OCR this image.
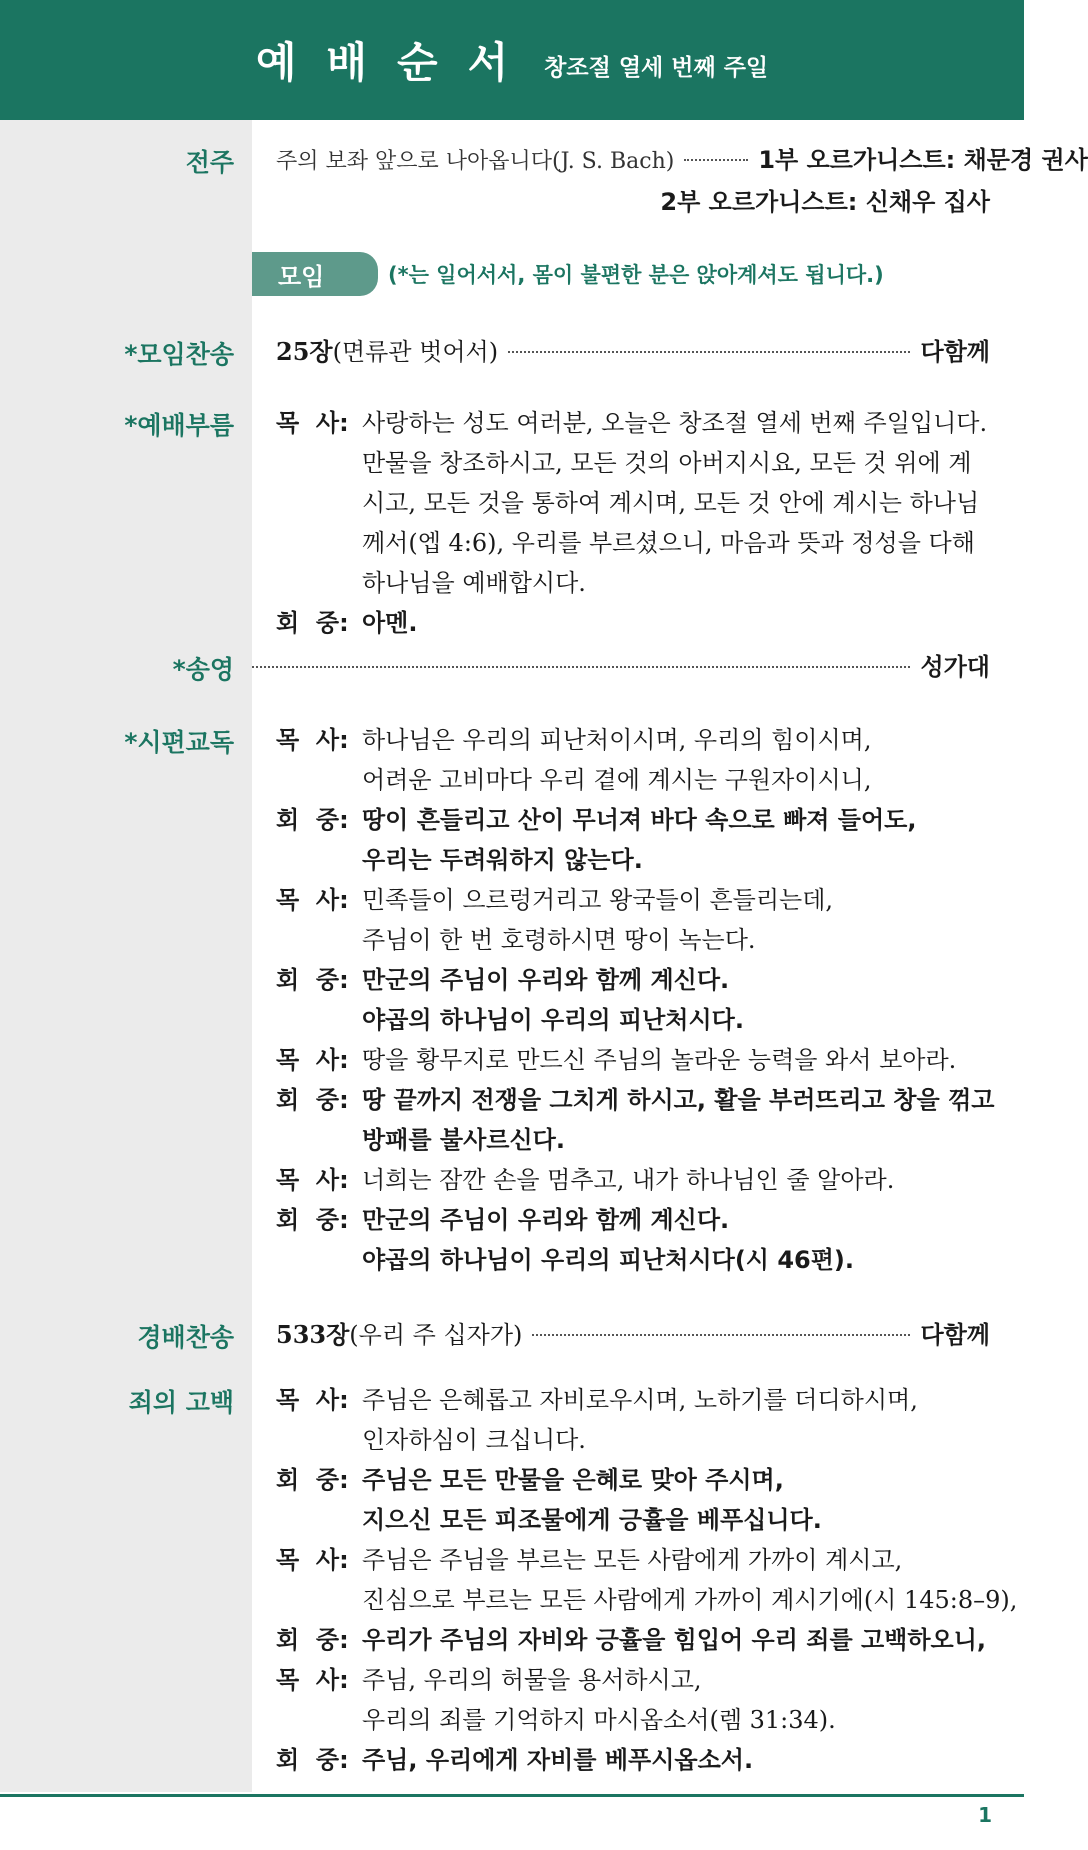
예배순서 창조절 열세 번째 주일
전주 주의 보좌 앞으로 나아옵니다(J. S. Bach)	1부 오르가니스트: 채문경 권사
2부 오르가니스트: 신채우 집사
모임	(*는 일어서서, 몸이 불편한 분은 앉아계셔도 됩니다.)
*모임찬송 25장 (면류관 벗어서)	다함께
*예배부름 목  사: 사랑하는 성도 여러분, 오늘은 창조절 열세 번째 주일입니다.
만물을 창조하시고, 모든 것의 아버지시요, 모든 것 위에 계
시고, 모든 것을 통하여 계시며, 모든 것 안에 계시는 하나님
께서(엡 4:6), 우리를 부르셨으니, 마음과 뜻과 정성을 다해
하나님을 예배합시다.
회  중: 아멘.
*송영	성가대
*시편교독 목  사: 하나님은 우리의 피난처이시며, 우리의 힘이시며,
어려운 고비마다 우리 곁에 계시는 구원자이시니,
회  중: 땅이 흔들리고 산이 무너져 바다 속으로 빠져 들어도,
우리는 두려워하지 않는다.
목  사: 민족들이 으르렁거리고 왕국들이 흔들리는데,
주님이 한 번 호령하시면 땅이 녹는다.
회  중: 만군의 주님이 우리와 함께 계신다.
야곱의 하나님이 우리의 피난처시다.
목  사: 땅을 황무지로 만드신 주님의 놀라운 능력을 와서 보아라.
회  중: 땅 끝까지 전쟁을 그치게 하시고, 활을 부러뜨리고 창을 꺾고
방패를 불사르신다.
목  사: 너희는 잠깐 손을 멈추고, 내가 하나님인 줄 알아라.
회  중: 만군의 주님이 우리와 함께 계신다.
야곱의 하나님이 우리의 피난처시다(시 46편).
경배찬송 533장 (우리 주 십자가)	다함께
죄의 고백 목  사: 주님은 은혜롭고 자비로우시며, 노하기를 더디하시며,
인자하심이 크십니다.
회  중: 주님은 모든 만물을 은혜로 맞아 주시며,
지으신 모든 피조물에게 긍휼을 베푸십니다.
목  사: 주님은 주님을 부르는 모든 사람에게 가까이 계시고,
진심으로 부르는 모든 사람에게 가까이 계시기에(시 145:8–9),
회  중: 우리가 주님의 자비와 긍휼을 힘입어 우리 죄를 고백하오니,
목  사: 주님, 우리의 허물을 용서하시고,
우리의 죄를 기억하지 마시옵소서(렘 31:34).
회  중: 주님, 우리에게 자비를 베푸시옵소서.
1
